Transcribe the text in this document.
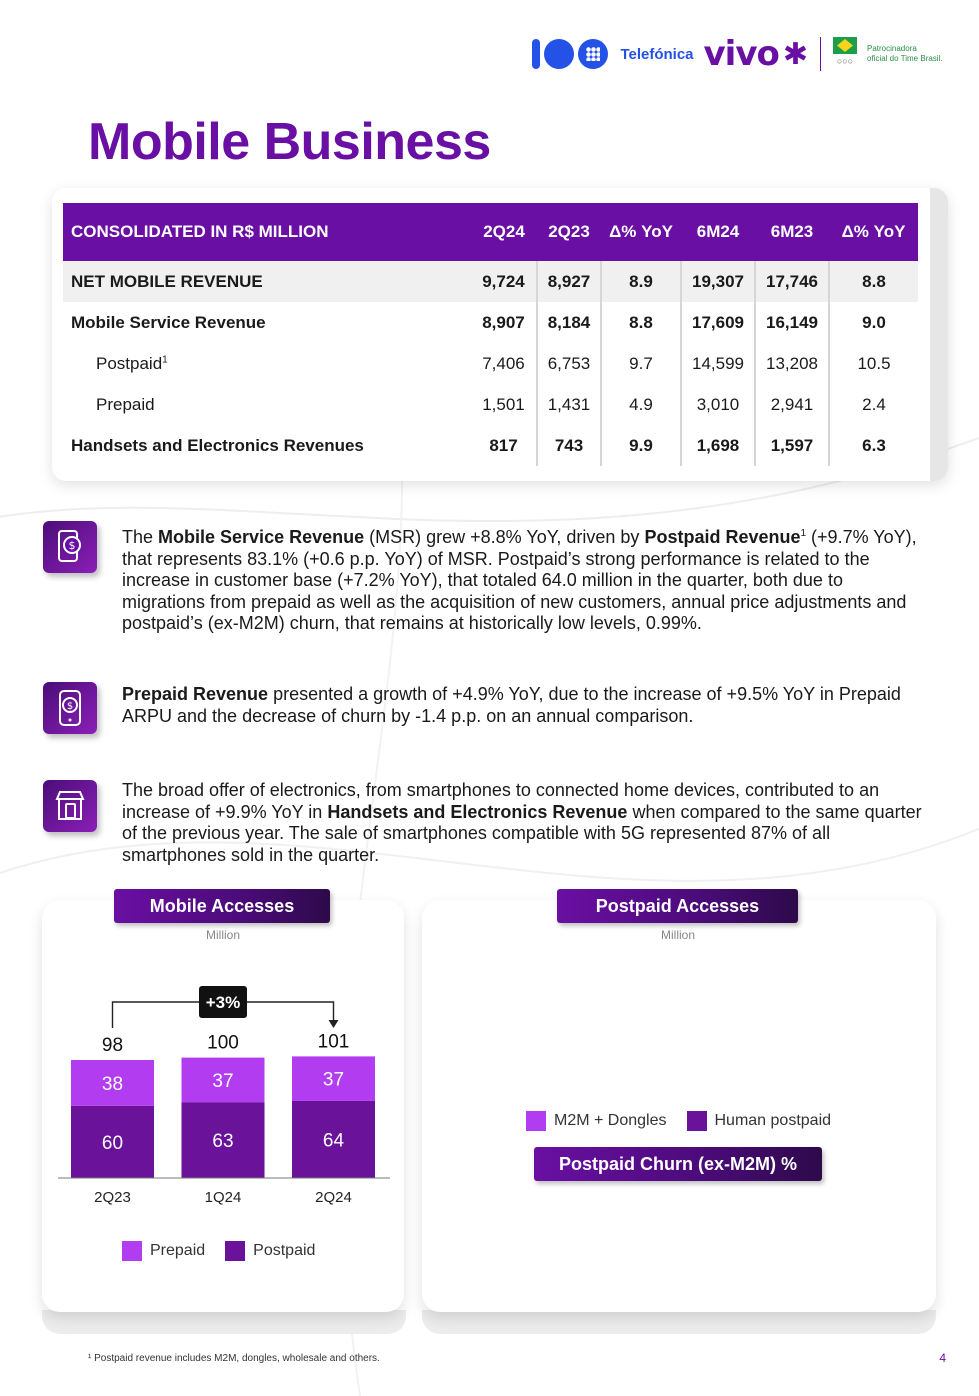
Telefónica vivo ✱	○○○
Patrocinadora
oficial do Time Brasil.
Mobile Business
CONSOLIDATED IN R$ MILLION	2Q24	2Q23	Δ% YoY	6M24	6M23	Δ% YoY
NET MOBILE REVENUE	9,724	8,927	8.9	19,307	17,746	8.8
Mobile Service Revenue	8,907	8,184	8.8	17,609	16,149	9.0
Postpaid$^1$	7,406	6,753	9.7	14,599	13,208	10.5
Prepaid	1,501	1,431	4.9	3,010	2,941	2.4
Handsets and Electronics Revenues	817	743	9.9	1,698	1,597	6.3
$	The Mobile Service Revenue (MSR) grew +8.8% YoY, driven by Postpaid Revenue$^1$ (+9.7% YoY), that represents 83.1% (+0.6 p.p. YoY) of MSR. Postpaid’s strong performance is related to the increase in customer base (+7.2% YoY), that totaled 64.0 million in the quarter, both due to migrations from prepaid as well as the acquisition of new customers, annual price adjustments and postpaid’s (ex-M2M) churn, that remains at historically low levels, 0.99%.

$

Prepaid Revenue presented a growth of +4.9% YoY, due to the increase of +9.5% YoY in Prepaid ARPU and the decrease of churn by -1.4 p.p. on an annual comparison.

The broad offer of electronics, from smartphones to connected home devices, contributed to an increase of +9.9% YoY in Handsets and Electronics Revenue when compared to the same quarter of the previous year. The sale of smartphones compatible with 5G represented 87% of all smartphones sold in the quarter.

Mobile Accesses
Million
60
38
98
2Q23
63
37
100
1Q24
64
37
101
2Q24
+3%
Prepaid	Postpaid
Postpaid Accesses
Million
M2M + Dongles	Human postpaid
Postpaid Churn (ex-M2M) %
¹ Postpaid revenue includes M2M, dongles, wholesale and others.	4
